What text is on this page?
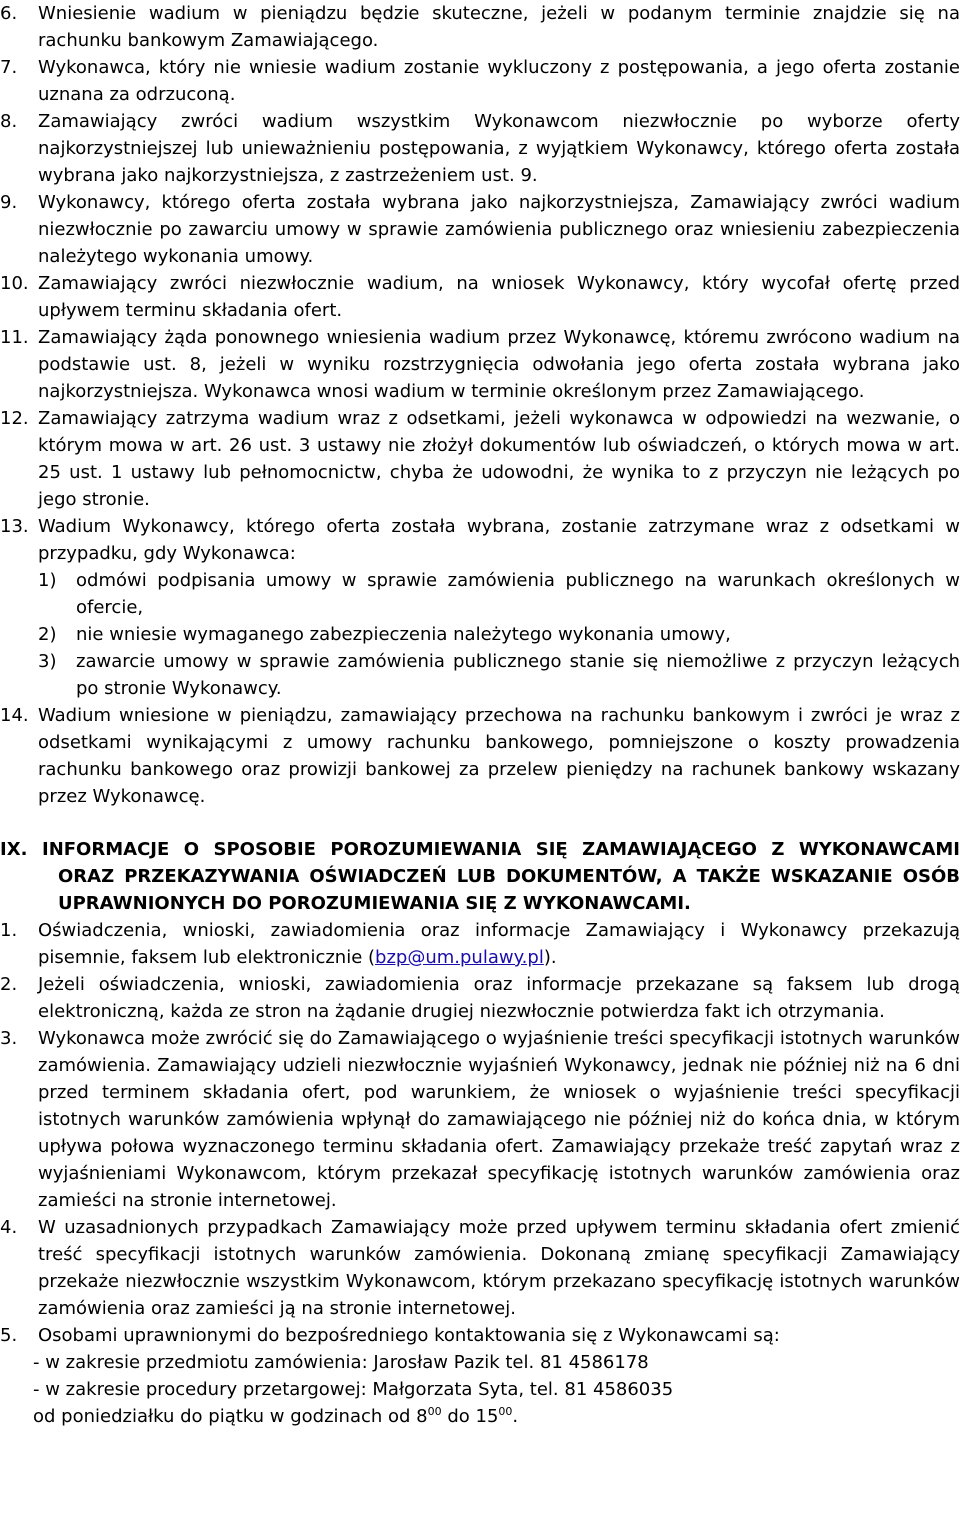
6. Wniesienie wadium w pieniądzu będzie skuteczne, jeżeli w podanym terminie znajdzie się na rachunku bankowym Zamawiającego.
7. Wykonawca, który nie wniesie wadium zostanie wykluczony z postępowania, a jego oferta zostanie uznana za odrzuconą.
8. Zamawiający zwróci wadium wszystkim Wykonawcom niezwłocznie po wyborze oferty najkorzystniejszej lub unieważnieniu postępowania, z wyjątkiem Wykonawcy, którego oferta została wybrana jako najkorzystniejsza, z zastrzeżeniem ust. 9.
9. Wykonawcy, którego oferta została wybrana jako najkorzystniejsza, Zamawiający zwróci wadium niezwłocznie po zawarciu umowy w sprawie zamówienia publicznego oraz wniesieniu zabezpieczenia należytego wykonania umowy.
10. Zamawiający zwróci niezwłocznie wadium, na wniosek Wykonawcy, który wycofał ofertę przed upływem terminu składania ofert.
11. Zamawiający żąda ponownego wniesienia wadium przez Wykonawcę, któremu zwrócono wadium na podstawie ust. 8, jeżeli w wyniku rozstrzygnięcia odwołania jego oferta została wybrana jako najkorzystniejsza. Wykonawca wnosi wadium w terminie określonym przez Zamawiającego.
12. Zamawiający zatrzyma wadium wraz z odsetkami, jeżeli wykonawca w odpowiedzi na wezwanie, o którym mowa w art. 26 ust. 3 ustawy nie złożył dokumentów lub oświadczeń, o których mowa w art. 25 ust. 1 ustawy lub pełnomocnictw, chyba że udowodni, że wynika to z przyczyn nie leżących po jego stronie.
13. Wadium Wykonawcy, którego oferta została wybrana, zostanie zatrzymane wraz z odsetkami w przypadku, gdy Wykonawca:
1) odmówi podpisania umowy w sprawie zamówienia publicznego na warunkach określonych w ofercie,
2) nie wniesie wymaganego zabezpieczenia należytego wykonania umowy,
3) zawarcie umowy w sprawie zamówienia publicznego stanie się niemożliwe z przyczyn leżących po stronie Wykonawcy.
14. Wadium wniesione w pieniądzu, zamawiający przechowa na rachunku bankowym i zwróci je wraz z odsetkami wynikającymi z umowy rachunku bankowego, pomniejszone o koszty prowadzenia rachunku bankowego oraz prowizji bankowej za przelew pieniędzy na rachunek bankowy wskazany przez Wykonawcę.
IX. INFORMACJE O SPOSOBIE POROZUMIEWANIA SIĘ ZAMAWIAJĄCEGO Z WYKONAWCAMI ORAZ PRZEKAZYWANIA OŚWIADCZEŃ LUB DOKUMENTÓW, A TAKŻE WSKAZANIE OSÓB UPRAWNIONYCH DO POROZUMIEWANIA SIĘ Z WYKONAWCAMI.
1. Oświadczenia, wnioski, zawiadomienia oraz informacje Zamawiający i Wykonawcy przekazują pisemnie, faksem lub elektronicznie (bzp@um.pulawy.pl).
2. Jeżeli oświadczenia, wnioski, zawiadomienia oraz informacje przekazane są faksem lub drogą elektroniczną, każda ze stron na żądanie drugiej niezwłocznie potwierdza fakt ich otrzymania.
3. Wykonawca może zwrócić się do Zamawiającego o wyjaśnienie treści specyfikacji istotnych warunków zamówienia. Zamawiający udzieli niezwłocznie wyjaśnień Wykonawcy, jednak nie później niż na 6 dni przed terminem składania ofert, pod warunkiem, że wniosek o wyjaśnienie treści specyfikacji istotnych warunków zamówienia wpłynął do zamawiającego nie później niż do końca dnia, w którym upływa połowa wyznaczonego terminu składania ofert. Zamawiający przekaże treść zapytań wraz z wyjaśnieniami Wykonawcom, którym przekazał specyfikację istotnych warunków zamówienia oraz zamieści na stronie internetowej.
4. W uzasadnionych przypadkach Zamawiający może przed upływem terminu składania ofert zmienić treść specyfikacji istotnych warunków zamówienia. Dokonaną zmianę specyfikacji Zamawiający przekaże niezwłocznie wszystkim Wykonawcom, którym przekazano specyfikację istotnych warunków zamówienia oraz zamieści ją na stronie internetowej.
5. Osobami uprawnionymi do bezpośredniego kontaktowania się z Wykonawcami są:
- w zakresie przedmiotu zamówienia: Jarosław Pazik tel. 81 4586178
- w zakresie procedury przetargowej: Małgorzata Syta, tel. 81 4586035
od poniedziałku do piątku w godzinach od $8^{00}$ do $15^{00}$.
